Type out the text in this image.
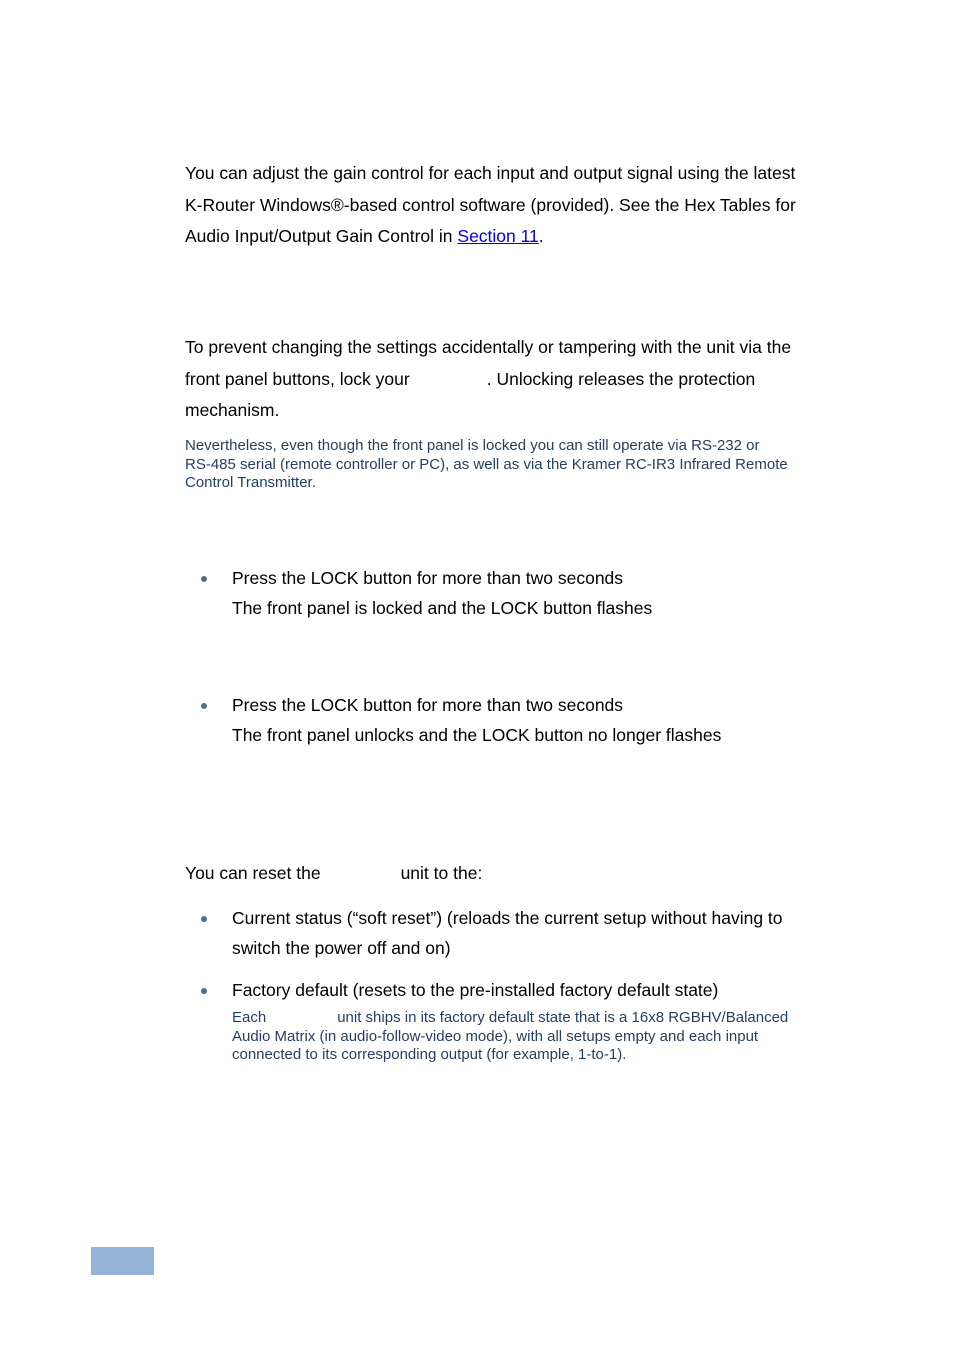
You can adjust the gain control for each input and output signal using the latest

K-Router Windows®-based control software (provided). See the Hex Tables for

Audio Input/Output Gain Control in Section 11.

To prevent changing the settings accidentally or tampering with the unit via the

front panel buttons, lock your	. Unlocking releases the protection

mechanism.

Nevertheless, even though the front panel is locked you can still operate via RS-232 or

RS-485 serial (remote controller or PC), as well as via the Kramer RC-IR3 Infrared Remote

Control Transmitter.

Press the LOCK button for more than two seconds

The front panel is locked and the LOCK button flashes

Press the LOCK button for more than two seconds

The front panel unlocks and the LOCK button no longer flashes

You can reset the	unit to the:

Current status (“soft reset”) (reloads the current setup without having to

switch the power off and on)

Factory default (resets to the pre-installed factory default state)

Each	unit ships in its factory default state that is a 16x8 RGBHV/Balanced

Audio Matrix (in audio-follow-video mode), with all setups empty and each input

connected to its corresponding output (for example, 1-to-1).
